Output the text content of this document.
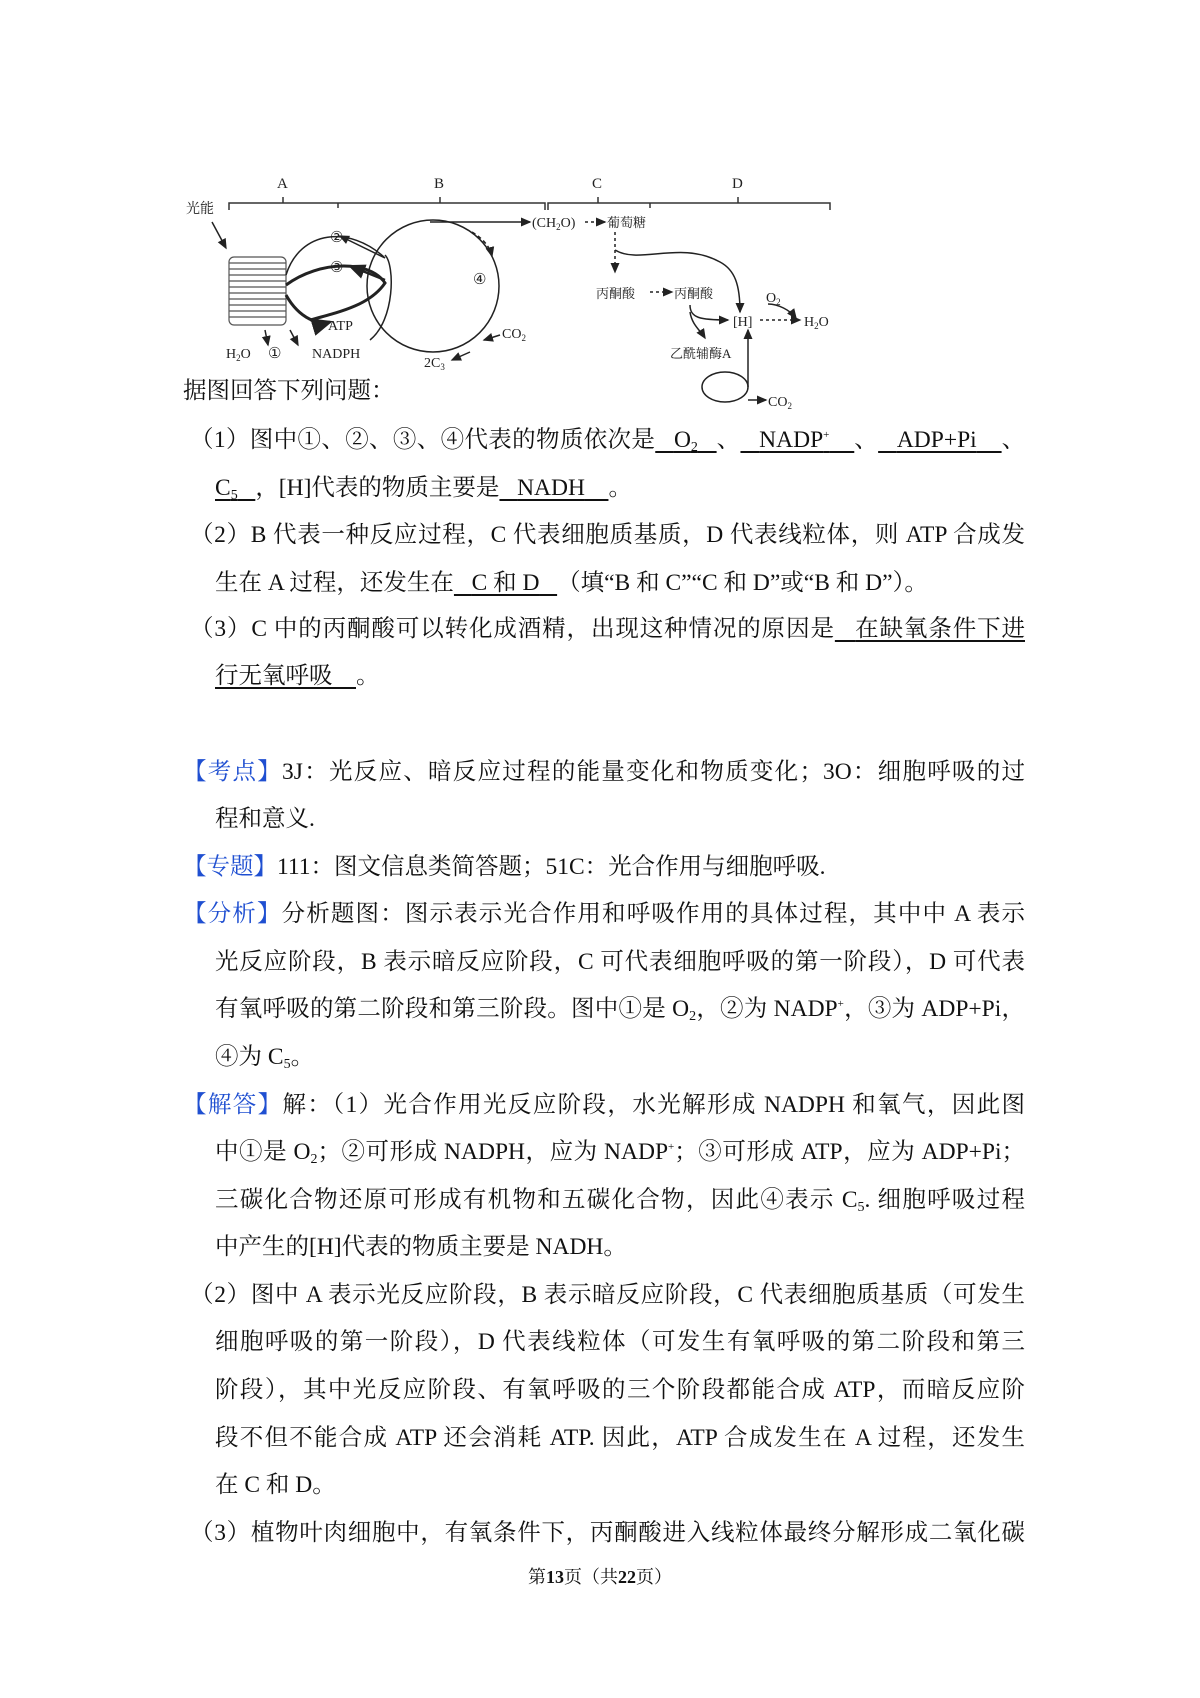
A	B	C	D
光能
②
③
ATP
NADPH
$H_2O$ ①
④
$CO_2$
$2C_3$
$(CH_2O)$ 葡萄糖
丙酮酸	丙酮酸
[H]
$O_2$
$H_2O$
乙酰辅酶A
$CO_2$
据图回答下列问题：
（1）图中①、②、③、④代表的物质依次是 $O_2$ 、 NADP+ 、 ADP+Pi 、
$C_5$ ，[H]代表的物质主要是 NADH 。
（2）B 代表一种反应过程，C 代表细胞质基质，D 代表线粒体，则 ATP 合成发
生在 A 过程，还发生在 C 和 D （填“B 和 C”“C 和 D”或“B 和 D”）。
（3）C 中的丙酮酸可以转化成酒精，出现这种情况的原因是 在缺氧条件下进
行无氧呼吸 。
【考点】3J：光反应、暗反应过程的能量变化和物质变化；3O：细胞呼吸的过
程和意义.
【专题】111：图文信息类简答题；51C：光合作用与细胞呼吸.
【分析】分析题图：图示表示光合作用和呼吸作用的具体过程，其中中 A 表示
光反应阶段，B 表示暗反应阶段，C 可代表细胞呼吸的第一阶段），D 可代表
有氧呼吸的第二阶段和第三阶段。图中①是 $O_2$，②为 NADP+，③为 ADP+Pi，
④为 $C_5$。
【解答】解：（1）光合作用光反应阶段，水光解形成 NADPH 和氧气，因此图
中①是 $O_2$；②可形成 NADPH，应为 NADP+；③可形成 ATP，应为 ADP+Pi；
三碳化合物还原可形成有机物和五碳化合物，因此④表示 $C_5$. 细胞呼吸过程
中产生的[H]代表的物质主要是 NADH。
（2）图中 A 表示光反应阶段，B 表示暗反应阶段，C 代表细胞质基质（可发生
细胞呼吸的第一阶段），D 代表线粒体（可发生有氧呼吸的第二阶段和第三
阶段），其中光反应阶段、有氧呼吸的三个阶段都能合成 ATP，而暗反应阶
段不但不能合成 ATP 还会消耗 ATP. 因此，ATP 合成发生在 A 过程，还发生
在 C 和 D。
（3）植物叶肉细胞中，有氧条件下，丙酮酸进入线粒体最终分解形成二氧化碳
第13页（共22页）
